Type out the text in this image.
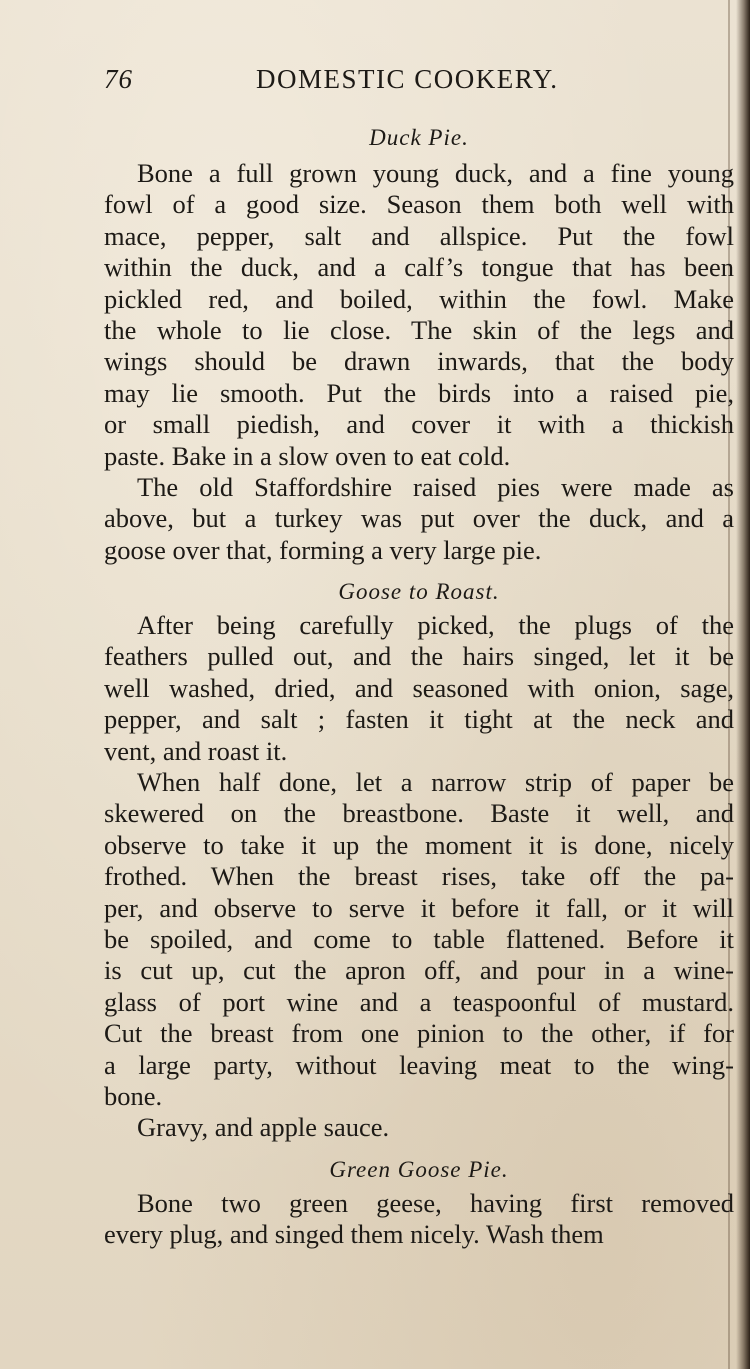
76	DOMESTIC COOKERY.
Duck Pie.
Bone a full grown young duck, and a fine young
fowl of a good size. Season them both well with
mace, pepper, salt and allspice. Put the fowl
within the duck, and a calf’s tongue that has been
pickled red, and boiled, within the fowl. Make
the whole to lie close. The skin of the legs and
wings should be drawn inwards, that the body
may lie smooth. Put the birds into a raised pie,
or small piedish, and cover it with a thickish
paste. Bake in a slow oven to eat cold.
The old Staffordshire raised pies were made as
above, but a turkey was put over the duck, and a
goose over that, forming a very large pie.
Goose to Roast.
After being carefully picked, the plugs of the
feathers pulled out, and the hairs singed, let it be
well washed, dried, and seasoned with onion, sage,
pepper, and salt ; fasten it tight at the neck and
vent, and roast it.
When half done, let a narrow strip of paper be
skewered on the breastbone. Baste it well, and
observe to take it up the moment it is done, nicely
frothed. When the breast rises, take off the pa-
per, and observe to serve it before it fall, or it will
be spoiled, and come to table flattened. Before it
is cut up, cut the apron off, and pour in a wine-
glass of port wine and a teaspoonful of mustard.
Cut the breast from one pinion to the other, if for
a large party, without leaving meat to the wing-
bone.
Gravy, and apple sauce.
Green Goose Pie.
Bone two green geese, having first removed
every plug, and singed them nicely. Wash them
